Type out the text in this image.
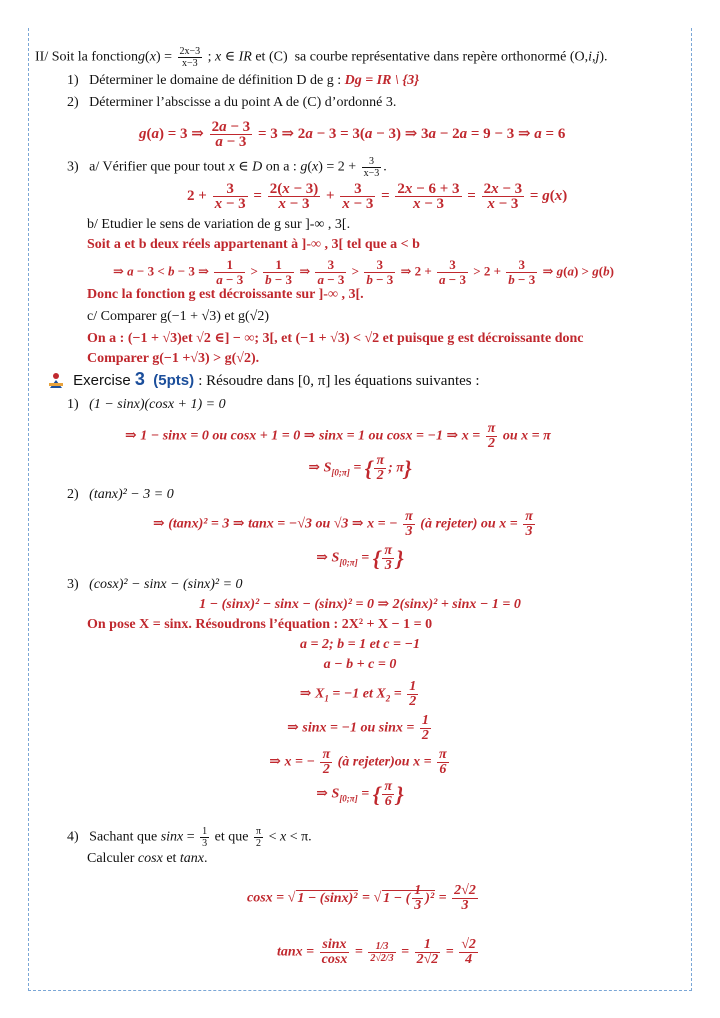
II/ Soit la fonctiong(x) = $\frac{2x-3}{x-3}$ ; x ∈ IR et (C)  sa courbe représentative dans repère orthonormé (O,i,j).
1) Déterminer le domaine de définition D de g : Dg = IR \ {3}
2) Déterminer l’abscisse a du point A de (C) d’ordonné 3.
g(a) = 3 ⇒ $\frac{2a - 3}{a - 3} = 3$ ⇒ 2a − 3 = 3(a − 3) ⇒ 3a − 2a = 9 − 3 ⇒ a = 6
3)   a/ Vérifier que pour tout x ∈ D on a : $g(x) = 2 + \frac{3}{x-3}$ .
$2 + \frac{3}{x - 3} = \frac{2(x - 3)}{x - 3} + \frac{3}{x - 3} = \frac{2x - 6 + 3}{x - 3} = \frac{2x - 3}{x - 3} = g(x)$
b/ Etudier le sens de variation de g sur ]-∞ , 3[.
Soit a et b deux réels appartenant à ]-∞ , 3[ tel que a < b
⇒ a − 3 < b − 3 ⇒ $\frac{1}{a - 3} > \frac{1}{b - 3}$ ⇒ $\frac{3}{a - 3} > \frac{3}{b - 3}$ ⇒ $2 + \frac{3}{a - 3} > 2 + \frac{3}{b - 3}$ ⇒ g(a) > g(b)
Donc la fonction g est décroissante sur ]-∞ , 3[.
c/ Comparer g(−1 + √3) et g(√2)
On a : (−1 + √3)et √2 ∈] − ∞; 3[, et (−1 + √3) < √2 et puisque g est décroissante donc
Comparer g(−1 +√3) > g(√2).
Exercise 3 (5pts) : Résoudre dans [0, π] les équations suivantes :
1) (1 − sinx)(cosx + 1) = 0
⇒ 1 − sinx = 0 ou cosx + 1 = 0 ⇒ sinx = 1 ou cosx = −1 ⇒ $x = \frac{\pi}{2}$ ou x = π
⇒ $S_{[0;\pi]}$ = { $\frac{\pi}{2}$ ; π}
2) (tanx)² − 3 = 0
⇒ (tanx)² = 3 ⇒ tanx = −√3 ou √3 ⇒ x = − $\frac{\pi}{3}$ (à rejeter) ou $x = \frac{\pi}{3}$
⇒ $S_{[0;\pi]}$ = { $\frac{\pi}{3}$ }
3) (cosx)² − sinx − (sinx)² = 0
1 − (sinx)² − sinx − (sinx)² = 0 ⇒ 2(sinx)² + sinx − 1 = 0
On pose X = sinx. Résoudrons l’équation : 2X² + X − 1 = 0
a = 2; b = 1 et c = −1
a − b + c = 0
⇒ $X_1 = -1$ et $X_2 = \frac{1}{2}$
⇒ sinx = −1 ou $\sin x = \frac{1}{2}$
⇒ x = − $\frac{\pi}{2}$ (à rejeter)ou $x = \frac{\pi}{6}$
⇒ $S_{[0;\pi]}$ = { $\frac{\pi}{6}$ }
4)   Sachant que $\sin x = \frac{1}{3}$ et que $\frac{\pi}{2} < x < \pi$.
Calculer cosx et tanx.
cosx = √ 1 − (sinx)² = √ 1 − ( $\frac{1}{3} )^2 = \frac{2√2}{3}$
$\tan x = \frac{\sin x}{\cos x} = \frac{1/3}{2√2/3} = \frac{1}{2√2} = \frac{√2}{4}$
